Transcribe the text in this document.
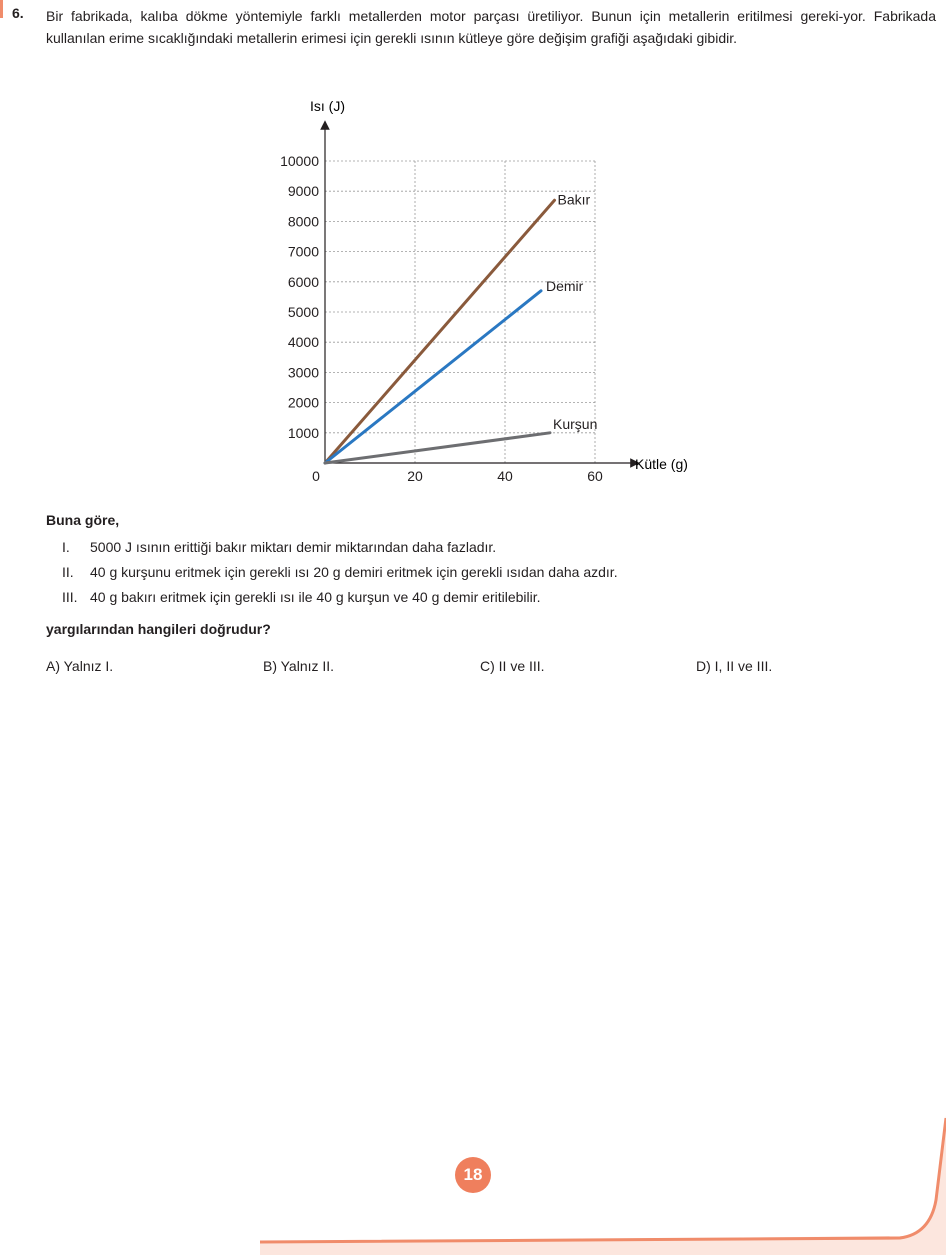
6. Bir fabrikada, kalıba dökme yöntemiyle farklı metallerden motor parçası üretiliyor. Bunun için metallerin eritilmesi gereki-yor. Fabrikada kullanılan erime sıcaklığındaki metallerin erimesi için gerekli ısının kütleye göre değişim grafiği aşağıdaki gibidir.
1000
2000
3000
4000
5000
6000
7000
8000
9000
10000
0	20	40	60
Bakır
Demir
Kurşun
Isı (J)
Kütle (g)
Buna göre,
I. 5000 J ısının erittiği bakır miktarı demir miktarından daha fazladır.
II. 40 g kurşunu eritmek için gerekli ısı 20 g demiri eritmek için gerekli ısıdan daha azdır.
III. 40 g bakırı eritmek için gerekli ısı ile 40 g kurşun ve 40 g demir eritilebilir.
yargılarından hangileri doğrudur?
A) Yalnız I.	B) Yalnız II.	C) II ve III.	D) I, II ve III.
18
